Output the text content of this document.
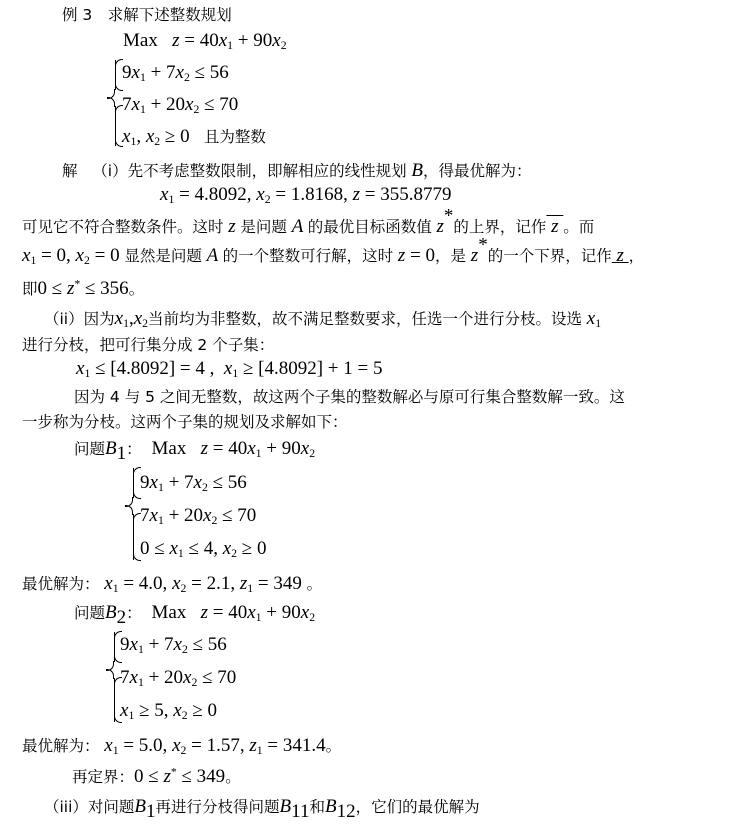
例 3　求解下述整数规划
Max $z = 40x_1 + 90x_2$
$9x_1 + 7x_2 \le 56$
$7x_1 + 20x_2 \le 70$
$x_1$, $x_2 \ge 0$   且为整数
解 （i）先不考虑整数限制，即解相应的线性规划 B，得最优解为：
$x_1 = 4.8092$, $x_2 = 1.8168$, z = 355.8779
可见它不符合整数条件。这时 z 是问题 A 的最优目标函数值 z*的上界，记作 z 。而
$x_1 = 0$, $x_2 = 0$ 显然是问题 A 的一个整数可行解，这时 z = 0，是 z*的一个下界，记作 z ，
即0 ≤ z* ≤ 356。
（ii）因为$x_1,x_2$当前均为非整数，故不满足整数要求，任选一个进行分枝。设选 $x_1$
进行分枝，把可行集分成 2 个子集：
$x_1 \le [4.8092] = 4$ ,  $x_1 \ge [4.8092] + 1 = 5$
因为 4 与 5 之间无整数，故这两个子集的整数解必与原可行集合整数解一致。这
一步称为分枝。这两个子集的规划及求解如下：
问题$B_1$： Max   $z = 40x_1 + 90x_2$
$9x_1 + 7x_2 \le 56$
$7x_1 + 20x_2 \le 70$
$0 \le x_1 \le 4$, $x_2 \ge 0$
最优解为： $x_1 = 4.0$, $x_2 = 2.1$, $z_1 = 349$ 。
问题$B_2$： Max   $z = 40x_1 + 90x_2$
$9x_1 + 7x_2 \le 56$
$7x_1 + 20x_2 \le 70$
$x_1 \ge 5$, $x_2 \ge 0$
最优解为： $x_1 = 5.0$, $x_2 = 1.57$, $z_1 = 341.4$。
再定界：0 ≤ z* ≤ 349。
（iii）对问题$B_1$再进行分枝得问题$B_{11}$和$B_{12}$，它们的最优解为
